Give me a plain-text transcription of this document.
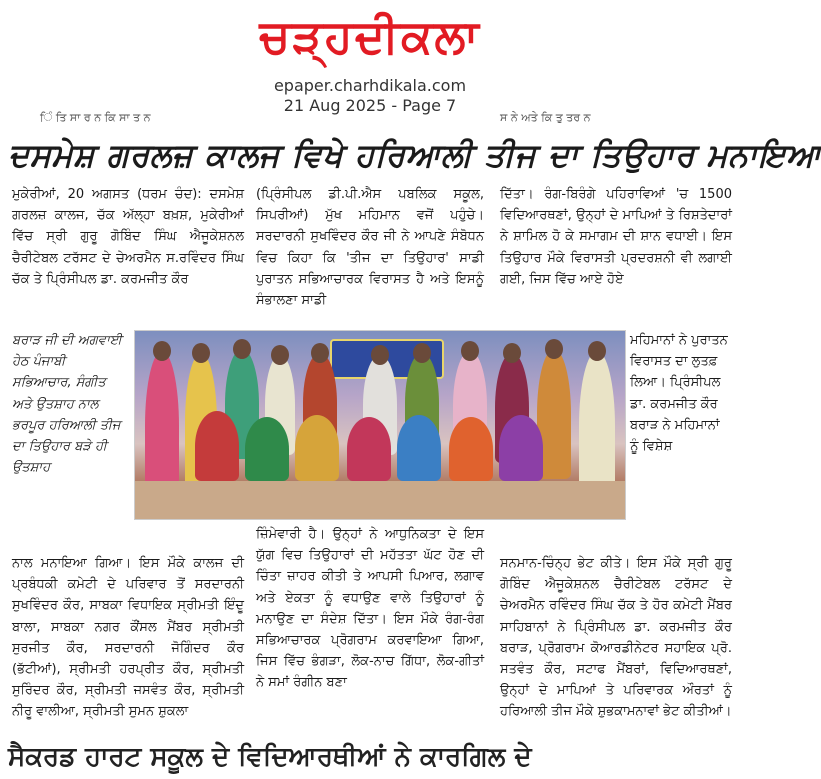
ਚੜ੍ਹਦੀਕਲਾ
epaper.charhdikala.com
21 Aug 2025 - Page 7
ਿੰ ਤਿ ਸਾ ਰ ਨ ਕਿ ਸਾ ਤ ਨ	ਸ ਨੇ ਅਤੇ ਕਿ ਤੁ ਤਰ ਨ
ਦਸਮੇਸ਼ ਗਰਲਜ਼ ਕਾਲਜ ਵਿਖੇ ਹਰਿਆਲੀ ਤੀਜ ਦਾ ਤਿਉਹਾਰ ਮਨਾਇਆ

ਮੁਕੇਰੀਆਂ, 20 ਅਗਸਤ (ਧਰਮ ਚੰਦ): ਦਸਮੇਸ਼ ਗਰਲਜ਼ ਕਾਲਜ, ਚੱਕ ਅੱਲ੍ਹਾ ਬਖ਼ਸ਼, ਮੁਕੇਰੀਆਂ ਵਿੱਚ ਸ੍ਰੀ ਗੁਰੂ ਗੋਬਿੰਦ ਸਿੰਘ ਐਜੂਕੇਸ਼ਨਲ ਚੈਰੀਟੇਬਲ ਟਰੱਸਟ ਦੇ ਚੇਅਰਮੈਨ ਸ.ਰਵਿੰਦਰ ਸਿੰਘ ਚੱਕ ਤੇ ਪ੍ਰਿੰਸੀਪਲ ਡਾ. ਕਰਮਜੀਤ ਕੌਰ

ਬਰਾੜ ਜੀ ਦੀ ਅਗਵਾਈ ਹੇਠ ਪੰਜਾਬੀ ਸਭਿਆਚਾਰ, ਸੰਗੀਤ ਅਤੇ ਉਤਸ਼ਾਹ ਨਾਲ ਭਰਪੂਰ ਹਰਿਆਲੀ ਤੀਜ ਦਾ ਤਿਉਹਾਰ ਬੜੇ ਹੀ ਉਤਸ਼ਾਹ

(ਪ੍ਰਿੰਸੀਪਲ ਡੀ.ਪੀ.ਐਸ ਪਬਲਿਕ ਸਕੂਲ, ਸਿਪਰੀਆਂ) ਮੁੱਖ ਮਹਿਮਾਨ ਵਜੋਂ ਪਹੁੰਚੇ। ਸਰਦਾਰਨੀ ਸੁਖਵਿੰਦਰ ਕੌਰ ਜੀ ਨੇ ਆਪਣੇ ਸੰਬੋਧਨ ਵਿਚ ਕਿਹਾ ਕਿ 'ਤੀਜ ਦਾ ਤਿਉਹਾਰ' ਸਾਡੀ ਪੁਰਾਤਨ ਸਭਿਆਚਾਰਕ ਵਿਰਾਸਤ ਹੈ ਅਤੇ ਇਸਨੂੰ ਸੰਭਾਲਣਾ ਸਾਡੀ

ਦਿੱਤਾ। ਰੰਗ-ਬਿਰੰਗੇ ਪਹਿਰਾਵਿਆਂ 'ਚ 1500 ਵਿਦਿਆਰਥਣਾਂ, ਉਨ੍ਹਾਂ ਦੇ ਮਾਪਿਆਂ ਤੇ ਰਿਸ਼ਤੇਦਾਰਾਂ ਨੇ ਸ਼ਾਮਿਲ ਹੋ ਕੇ ਸਮਾਗਮ ਦੀ ਸ਼ਾਨ ਵਧਾਈ। ਇਸ ਤਿਉਹਾਰ ਮੌਕੇ ਵਿਰਾਸਤੀ ਪ੍ਰਦਰਸ਼ਨੀ ਵੀ ਲਗਾਈ ਗਈ, ਜਿਸ ਵਿੱਚ ਆਏ ਹੋਏ

ਮਹਿਮਾਨਾਂ ਨੇ ਪੁਰਾਤਨ ਵਿਰਾਸਤ ਦਾ ਲੁਤਫ਼ ਲਿਆ। ਪ੍ਰਿੰਸੀਪਲ ਡਾ. ਕਰਮਜੀਤ ਕੌਰ ਬਰਾੜ ਨੇ ਮਹਿਮਾਨਾਂ ਨੂੰ ਵਿਸ਼ੇਸ਼

ਨਾਲ ਮਨਾਇਆ ਗਿਆ। ਇਸ ਮੌਕੇ ਕਾਲਜ ਦੀ ਪ੍ਰਬੰਧਕੀ ਕਮੇਟੀ ਦੇ ਪਰਿਵਾਰ ਤੋਂ ਸਰਦਾਰਨੀ ਸੁਖਵਿੰਦਰ ਕੌਰ, ਸਾਬਕਾ ਵਿਧਾਇਕ ਸ੍ਰੀਮਤੀ ਇੰਦੂ ਬਾਲਾ, ਸਾਬਕਾ ਨਗਰ ਕੌਂਸਲ ਮੈਂਬਰ ਸ੍ਰੀਮਤੀ ਸੁਰਜੀਤ ਕੌਰ, ਸਰਦਾਰਨੀ ਜੋਗਿੰਦਰ ਕੌਰ (ਭੱਟੀਆਂ), ਸ੍ਰੀਮਤੀ ਹਰਪ੍ਰੀਤ ਕੌਰ, ਸ੍ਰੀਮਤੀ ਸੁਰਿੰਦਰ ਕੌਰ, ਸ੍ਰੀਮਤੀ ਜਸਵੰਤ ਕੌਰ, ਸ੍ਰੀਮਤੀ ਨੀਰੂ ਵਾਲੀਆ, ਸ੍ਰੀਮਤੀ ਸੁਮਨ ਸ਼ੁਕਲਾ

ਜ਼ਿੰਮੇਵਾਰੀ ਹੈ। ਉਨ੍ਹਾਂ ਨੇ ਆਧੁਨਿਕਤਾ ਦੇ ਇਸ ਯੁੱਗ ਵਿਚ ਤਿਉਹਾਰਾਂ ਦੀ ਮਹੱਤਤਾ ਘੱਟ ਹੋਣ ਦੀ ਚਿੰਤਾ ਜ਼ਾਹਰ ਕੀਤੀ ਤੇ ਆਪਸੀ ਪਿਆਰ, ਲਗਾਵ ਅਤੇ ਏਕਤਾ ਨੂੰ ਵਧਾਉਣ ਵਾਲੇ ਤਿਉਹਾਰਾਂ ਨੂੰ ਮਨਾਉਣ ਦਾ ਸੰਦੇਸ਼ ਦਿੱਤਾ। ਇਸ ਮੌਕੇ ਰੰਗ-ਰੰਗ ਸਭਿਆਚਾਰਕ ਪ੍ਰੋਗਰਾਮ ਕਰਵਾਇਆ ਗਿਆ, ਜਿਸ ਵਿੱਚ ਭੰਗੜਾ, ਲੋਕ-ਨਾਚ ਗਿੱਧਾ, ਲੋਕ-ਗੀਤਾਂ ਨੇ ਸਮਾਂ ਰੰਗੀਨ ਬਣਾ

ਸਨਮਾਨ-ਚਿੰਨ੍ਹ ਭੇਟ ਕੀਤੇ। ਇਸ ਮੌਕੇ ਸ੍ਰੀ ਗੁਰੂ ਗੋਬਿੰਦ ਐਜੂਕੇਸ਼ਨਲ ਚੈਰੀਟੇਬਲ ਟਰੱਸਟ ਦੇ ਚੇਅਰਮੈਨ ਰਵਿੰਦਰ ਸਿੰਘ ਚੱਕ ਤੇ ਹੋਰ ਕਮੇਟੀ ਮੈਂਬਰ ਸਾਹਿਬਾਨਾਂ ਨੇ ਪ੍ਰਿੰਸੀਪਲ ਡਾ. ਕਰਮਜੀਤ ਕੌਰ ਬਰਾੜ, ਪ੍ਰੋਗਰਾਮ ਕੋਆਰਡੀਨੇਟਰ ਸਹਾਇਕ ਪ੍ਰੋ. ਸਤਵੰਤ ਕੌਰ, ਸਟਾਫ ਮੈਂਬਰਾਂ, ਵਿਦਿਆਰਥਣਾਂ, ਉਨ੍ਹਾਂ ਦੇ ਮਾਪਿਆਂ ਤੇ ਪਰਿਵਾਰਕ ਔਰਤਾਂ ਨੂੰ ਹਰਿਆਲੀ ਤੀਜ ਮੌਕੇ ਸ਼ੁਭਕਾਮਨਾਵਾਂ ਭੇਟ ਕੀਤੀਆਂ।

ਸੈਕਰਡ ਹਾਰਟ ਸਕੂਲ ਦੇ ਵਿਦਿਆਰਥੀਆਂ ਨੇ ਕਾਰਗਿਲ ਦੇ
